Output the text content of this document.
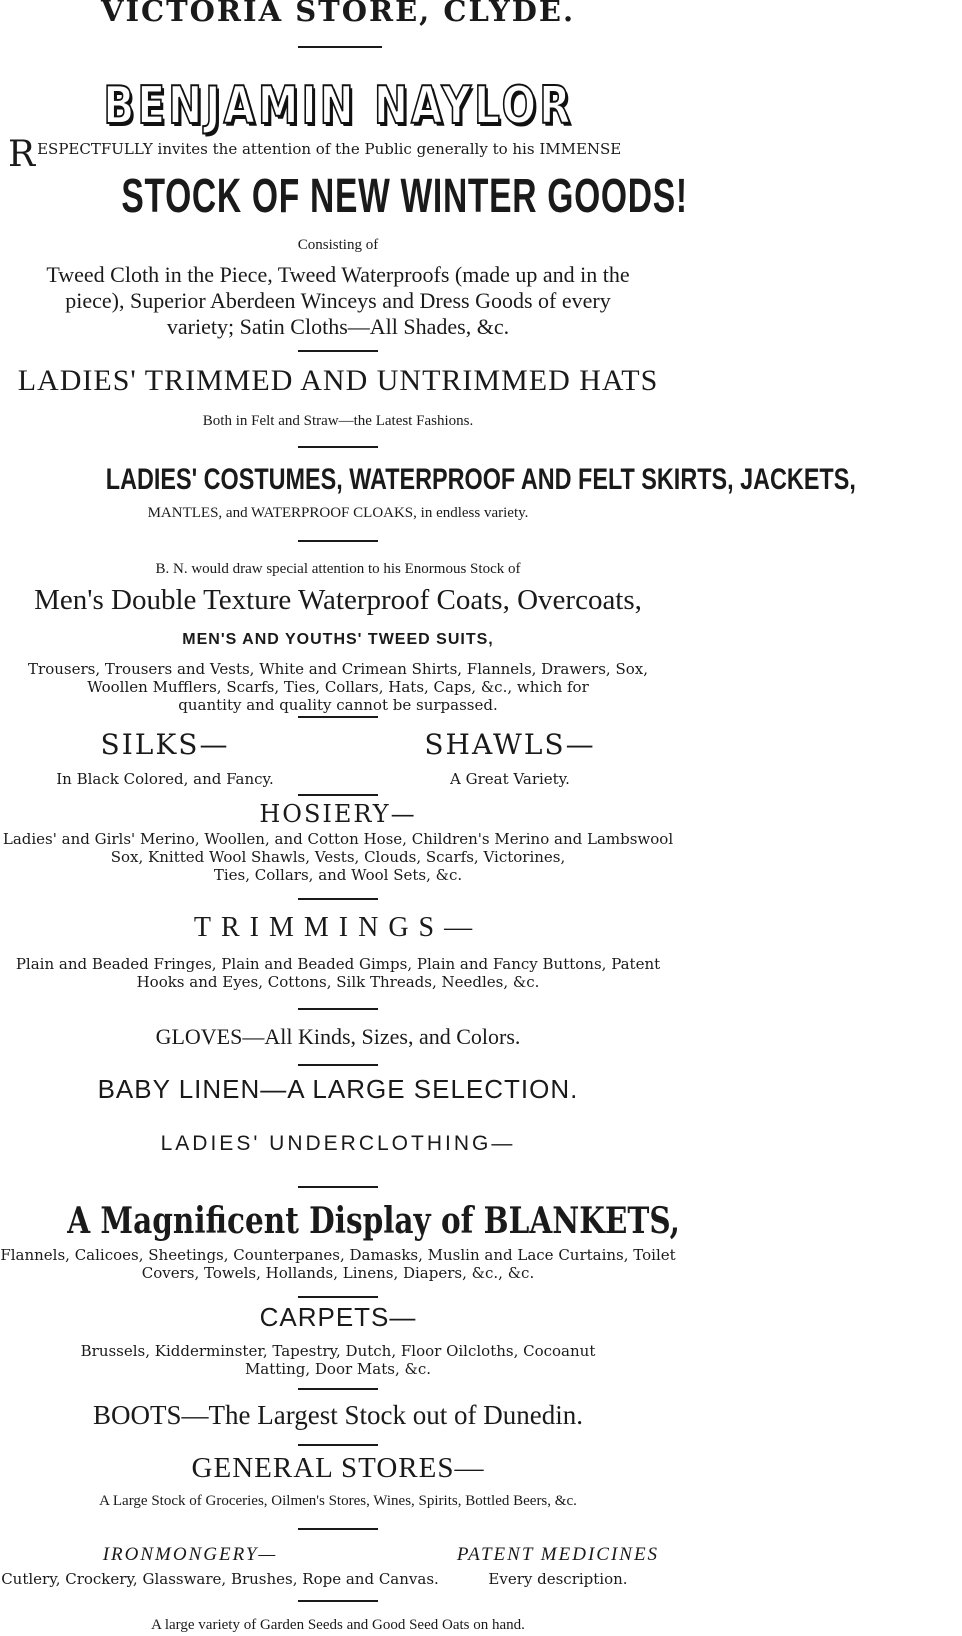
VICTORIA STORE, CLYDE.
BENJAMIN NAYLOR
RESPECTFULLY invites the attention of the Public generally to his IMMENSE
STOCK OF NEW WINTER GOODS!
Consisting of
Tweed Cloth in the Piece, Tweed Waterproofs (made up and in the
piece), Superior Aberdeen Winceys and Dress Goods of every
variety; Satin Cloths—All Shades, &c.
LADIES' TRIMMED AND UNTRIMMED HATS
Both in Felt and Straw—the Latest Fashions.
LADIES' COSTUMES, WATERPROOF AND FELT SKIRTS, JACKETS,
MANTLES, and WATERPROOF CLOAKS, in endless variety.
B. N. would draw special attention to his Enormous Stock of
Men's Double Texture Waterproof Coats, Overcoats,
MEN'S AND YOUTHS' TWEED SUITS,
Trousers, Trousers and Vests, White and Crimean Shirts, Flannels, Drawers, Sox,
Woollen Mufflers, Scarfs, Ties, Collars, Hats, Caps, &c., which for
quantity and quality cannot be surpassed.
SILKS—
In Black Colored, and Fancy.
SHAWLS—
A Great Variety.
HOSIERY—
Ladies' and Girls' Merino, Woollen, and Cotton Hose, Children's Merino and Lambswool
Sox, Knitted Wool Shawls, Vests, Clouds, Scarfs, Victorines,
Ties, Collars, and Wool Sets, &c.
TRIMMINGS—
Plain and Beaded Fringes, Plain and Beaded Gimps, Plain and Fancy Buttons, Patent
Hooks and Eyes, Cottons, Silk Threads, Needles, &c.
GLOVES—All Kinds, Sizes, and Colors.
BABY LINEN—A LARGE SELECTION.
LADIES' UNDERCLOTHING—
A Magnificent Display of BLANKETS,
Flannels, Calicoes, Sheetings, Counterpanes, Damasks, Muslin and Lace Curtains, Toilet
Covers, Towels, Hollands, Linens, Diapers, &c., &c.
CARPETS—
Brussels, Kidderminster, Tapestry, Dutch, Floor Oilcloths, Cocoanut
Matting, Door Mats, &c.
BOOTS—The Largest Stock out of Dunedin.
GENERAL STORES—
A Large Stock of Groceries, Oilmen's Stores, Wines, Spirits, Bottled Beers, &c.
IRONMONGERY—
Cutlery, Crockery, Glassware, Brushes, Rope and Canvas.
PATENT MEDICINES
Every description.
A large variety of Garden Seeds and Good Seed Oats on hand.
